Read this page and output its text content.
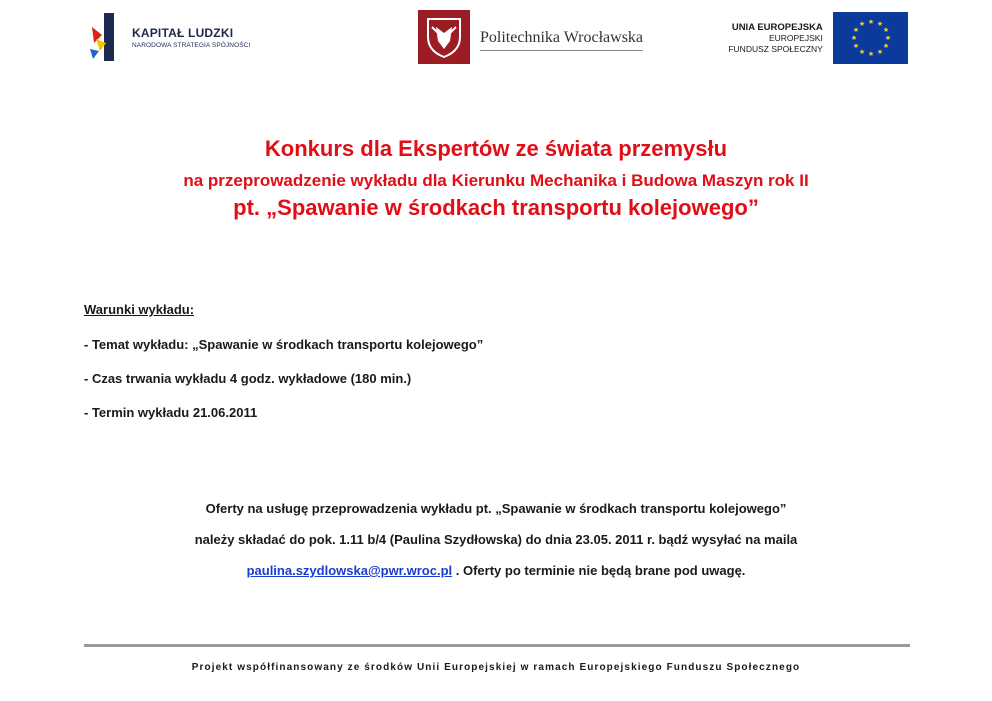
KAPITAŁ LUDZKI
NARODOWA STRATEGIA SPÓJNOŚCI	Politechnika Wrocławska
UNIA EUROPEJSKA
EUROPEJSKI
FUNDUSZ SPOŁECZNY
★ ★
★
★
★
★
★
★
★
★
★
★
Konkurs dla Ekspertów ze świata przemysłu
na przeprowadzenie wykładu dla Kierunku Mechanika i Budowa Maszyn rok II
pt. „Spawanie w środkach transportu kolejowego”
Warunki wykładu:
- Temat wykładu: „Spawanie w środkach transportu kolejowego”
- Czas trwania wykładu 4 godz. wykładowe (180 min.)
- Termin wykładu 21.06.2011
Oferty na usługę przeprowadzenia wykładu pt. „Spawanie w środkach transportu kolejowego”
należy składać do pok. 1.11 b/4 (Paulina Szydłowska) do dnia 23.05. 2011 r. bądź wysyłać na maila
paulina.szydlowska@pwr.wroc.pl . Oferty po terminie nie będą brane pod uwagę.
Projekt współfinansowany ze środków Unii Europejskiej w ramach Europejskiego Funduszu Społecznego
